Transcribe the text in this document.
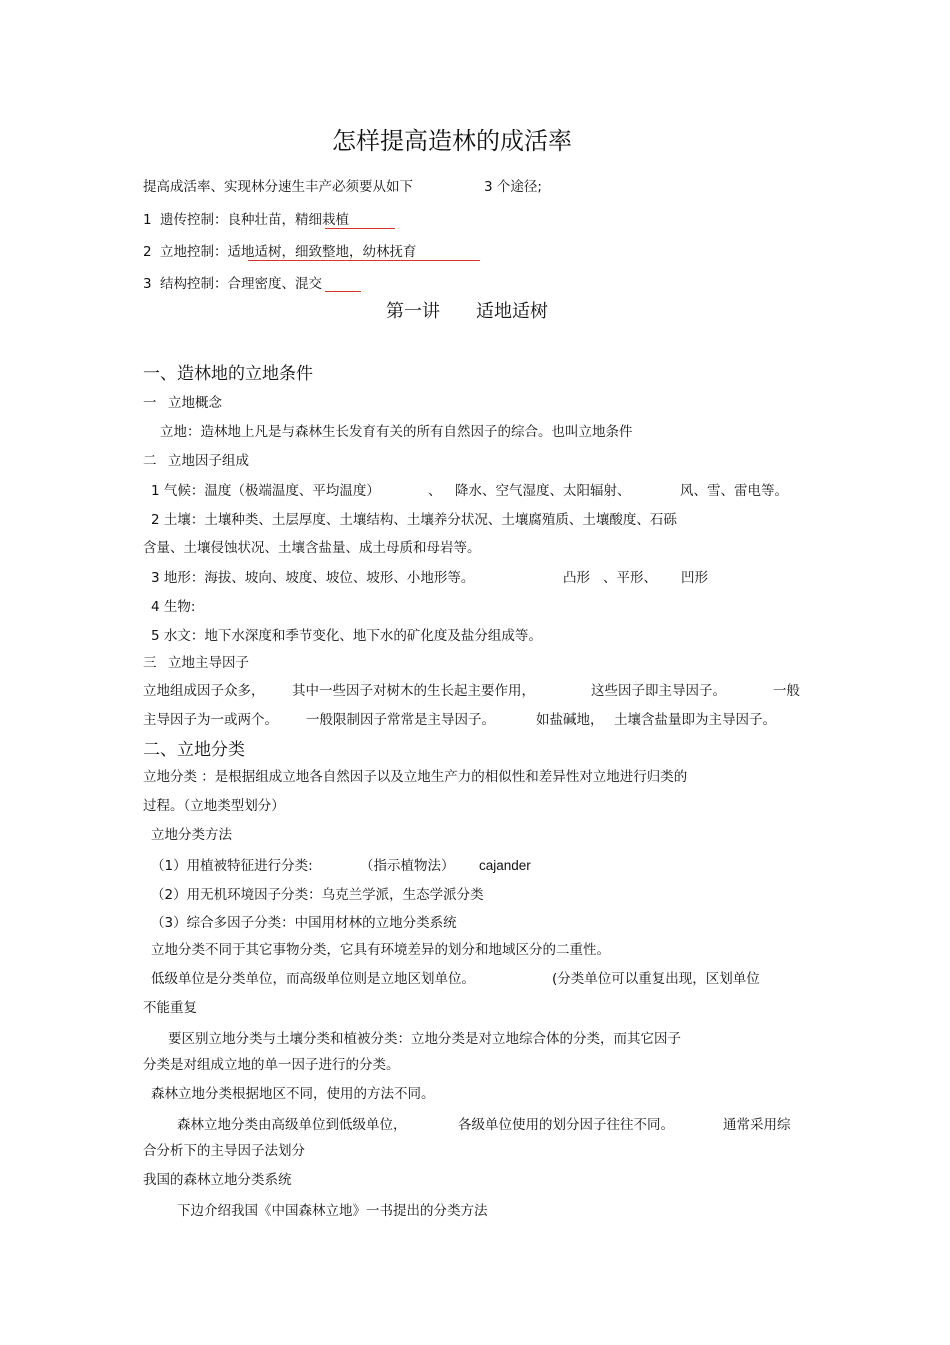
怎样提高造林的成活率
提高成活率、实现林分速生丰产必须要从如下	3 个途径;
1 遗传控制：良种壮苗，精细栽植
2 立地控制：适地适树，细致整地，幼林抚育
3 结构控制：合理密度、混交
第一讲 适地适树
一、造林地的立地条件
一 立地概念
立地：造林地上凡是与森林生长发育有关的所有自然因子的综合。也叫立地条件
二 立地因子组成
1 气候：温度（极端温度、平均温度）	、 降水、空气湿度、太阳辐射、	风、雪、雷电等。
2 土壤：土壤种类、土层厚度、土壤结构、土壤养分状况、土壤腐殖质、土壤酸度、石砾
含量、土壤侵蚀状况、土壤含盐量、成土母质和母岩等。
3 地形：海拔、坡向、坡度、坡位、坡形、小地形等。	凸形 、平形、 凹形
4 生物:
5 水文：地下水深度和季节变化、地下水的矿化度及盐分组成等。
三 立地主导因子
立地组成因子众多， 其中一些因子对树木的生长起主要作用，	这些因子即主导因子。	一般
主导因子为一或两个。 一般限制因子常常是主导因子。	如盐碱地， 土壤含盐量即为主导因子。
二、立地分类
立地分类 ：是根据组成立地各自然因子以及立地生产力的相似性和差异性对立地进行归类的
过程。（立地类型划分）
立地分类方法
（1）用植被特征进行分类:	（指示植物法） cajander
（2）用无机环境因子分类：乌克兰学派，生态学派分类
（3）综合多因子分类：中国用材林的立地分类系统
立地分类不同于其它事物分类，它具有环境差异的划分和地域区分的二重性。
低级单位是分类单位，而高级单位则是立地区划单位。	(分类单位可以重复出现，区划单位
不能重复
要区别立地分类与土壤分类和植被分类：立地分类是对立地综合体的分类，而其它因子
分类是对组成立地的单一因子进行的分类。
森林立地分类根据地区不同，使用的方法不同。
森林立地分类由高级单位到低级单位，	各级单位使用的划分因子往往不同。	通常采用综
合分析下的主导因子法划分
我国的森林立地分类系统
下边介绍我国《中国森林立地》一书提出的分类方法
